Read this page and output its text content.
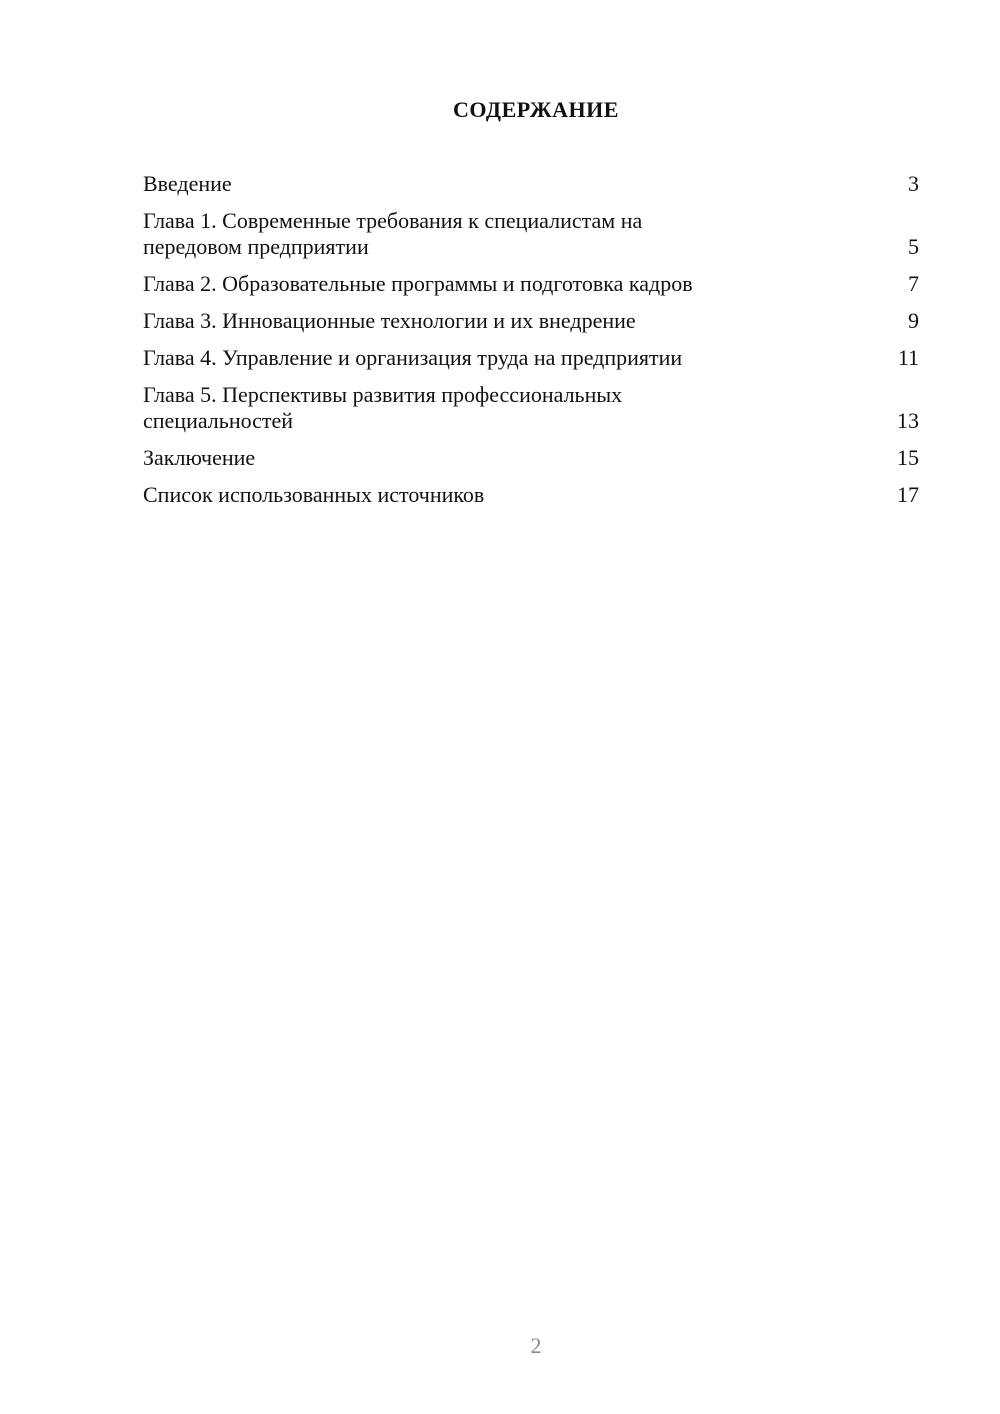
СОДЕРЖАНИЕ
Введение	3
Глава 1. Современные требования к специалистам на передовом предприятии	5
Глава 2. Образовательные программы и подготовка кадров	7
Глава 3. Инновационные технологии и их внедрение	9
Глава 4. Управление и организация труда на предприятии	11
Глава 5. Перспективы развития профессиональных специальностей	13
Заключение	15
Список использованных источников	17
2
